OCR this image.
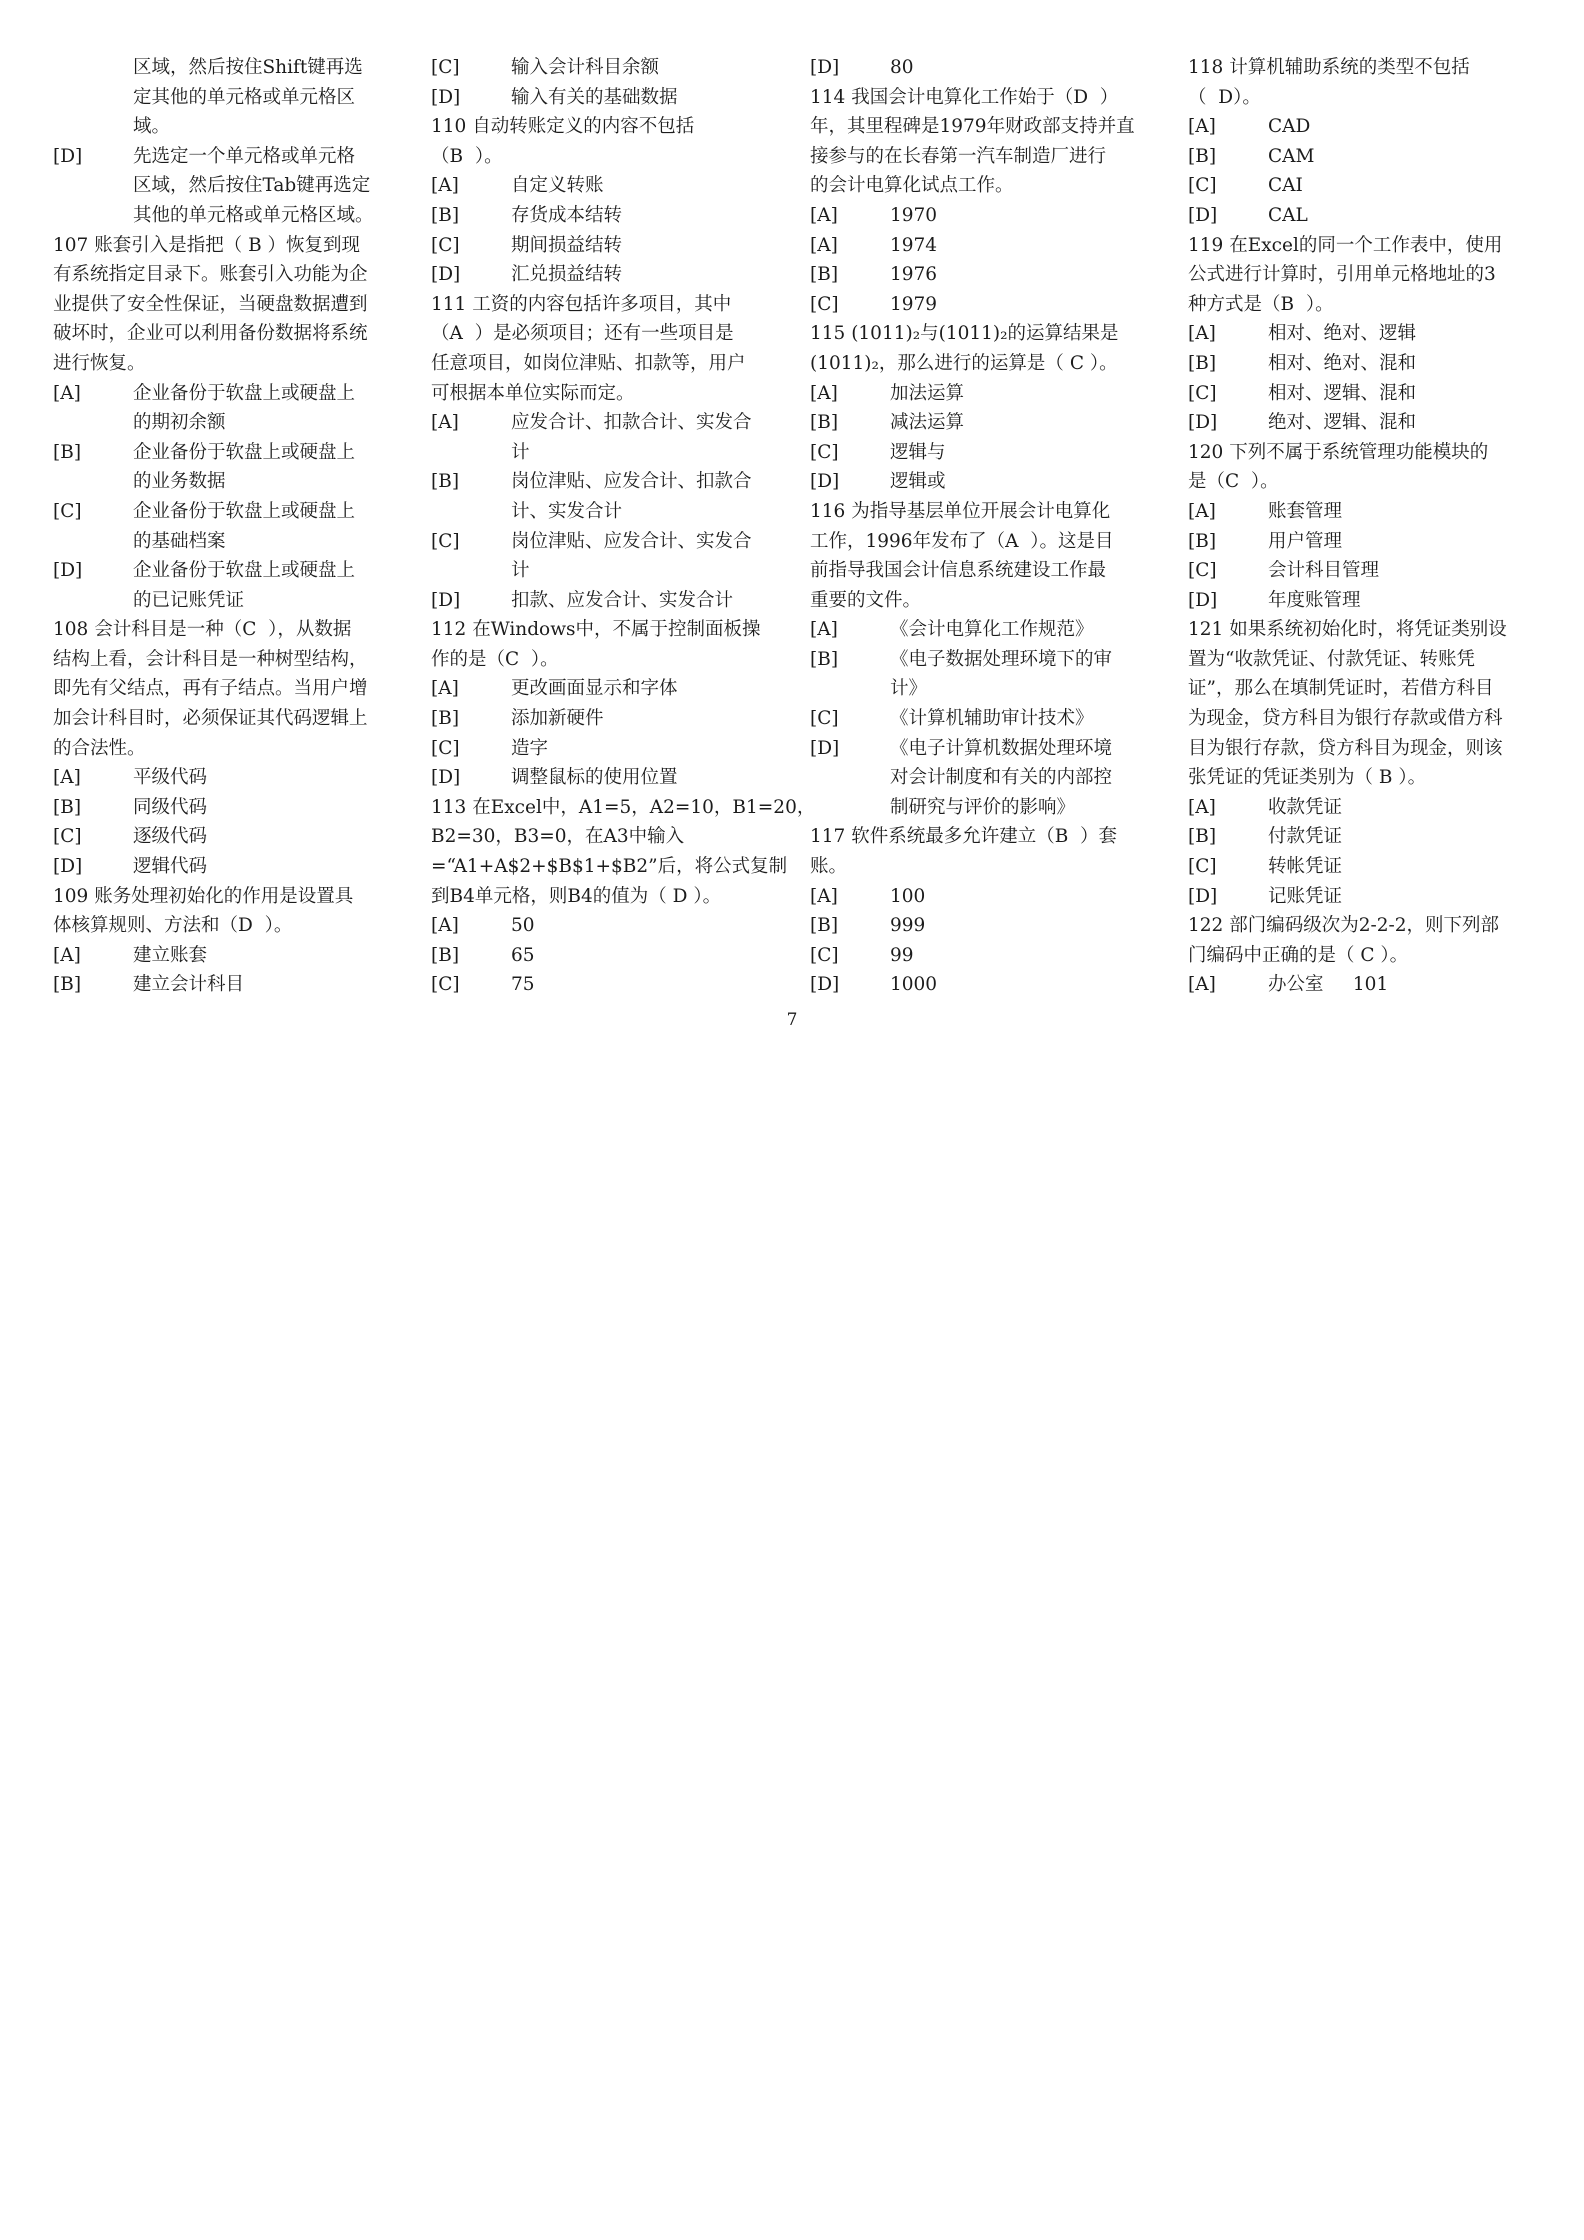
区域，然后按住Shift键再选
定其他的单元格或单元格区
域。
[D]	先选定一个单元格或单元格
区域，然后按住Tab键再选定
其他的单元格或单元格区域。
107 账套引入是指把（ B ）恢复到现
有系统指定目录下。账套引入功能为企
业提供了安全性保证，当硬盘数据遭到
破坏时，企业可以利用备份数据将系统
进行恢复。
[A]	企业备份于软盘上或硬盘上
的期初余额
[B]	企业备份于软盘上或硬盘上
的业务数据
[C]	企业备份于软盘上或硬盘上
的基础档案
[D]	企业备份于软盘上或硬盘上
的已记账凭证
108 会计科目是一种（C  ），从数据
结构上看，会计科目是一种树型结构，
即先有父结点，再有子结点。当用户增
加会计科目时，必须保证其代码逻辑上
的合法性。
[A]	平级代码
[B]	同级代码
[C]	逐级代码
[D]	逻辑代码
109 账务处理初始化的作用是设置具
体核算规则、方法和（D  ）。
[A]	建立账套
[B]	建立会计科目
[C]	输入会计科目余额
[D]	输入有关的基础数据
110 自动转账定义的内容不包括
（B  ）。
[A]	自定义转账
[B]	存货成本结转
[C]	期间损益结转
[D]	汇兑损益结转
111 工资的内容包括许多项目，其中
（A  ）是必须项目；还有一些项目是
任意项目，如岗位津贴、扣款等，用户
可根据本单位实际而定。
[A]	应发合计、扣款合计、实发合
计
[B]	岗位津贴、应发合计、扣款合
计、实发合计
[C]	岗位津贴、应发合计、实发合
计
[D]	扣款、应发合计、实发合计
112 在Windows中，不属于控制面板操
作的是（C  ）。
[A]	更改画面显示和字体
[B]	添加新硬件
[C]	造字
[D]	调整鼠标的使用位置
113 在Excel中，A1=5，A2=10，B1=20，
B2=30，B3=0，在A3中输入
=“A1+A$2+$B$1+$B2”后，将公式复制
到B4单元格，则B4的值为（ D ）。
[A]	50
[B]	65
[C]	75
[D]	80
114 我国会计电算化工作始于（D  ）
年，其里程碑是1979年财政部支持并直
接参与的在长春第一汽车制造厂进行
的会计电算化试点工作。
[A]	1970
[A]	1974
[B]	1976
[C]	1979
115 (1011)₂与(1011)₂的运算结果是
(1011)₂，那么进行的运算是（ C ）。
[A]	加法运算
[B]	减法运算
[C]	逻辑与
[D]	逻辑或
116 为指导基层单位开展会计电算化
工作，1996年发布了（A  ）。这是目
前指导我国会计信息系统建设工作最
重要的文件。
[A]	《会计电算化工作规范》
[B]	《电子数据处理环境下的审
计》
[C]	《计算机辅助审计技术》
[D]	《电子计算机数据处理环境
对会计制度和有关的内部控
制研究与评价的影响》
117 软件系统最多允许建立（B  ）套
账。
[A]	100
[B]	999
[C]	99
[D]	1000
118 计算机辅助系统的类型不包括
（  D）。
[A]	CAD
[B]	CAM
[C]	CAI
[D]	CAL
119 在Excel的同一个工作表中，使用
公式进行计算时，引用单元格地址的3
种方式是（B  ）。
[A]	相对、绝对、逻辑
[B]	相对、绝对、混和
[C]	相对、逻辑、混和
[D]	绝对、逻辑、混和
120 下列不属于系统管理功能模块的
是（C  ）。
[A]	账套管理
[B]	用户管理
[C]	会计科目管理
[D]	年度账管理
121 如果系统初始化时，将凭证类别设
置为“收款凭证、付款凭证、转账凭
证”，那么在填制凭证时，若借方科目
为现金，贷方科目为银行存款或借方科
目为银行存款，贷方科目为现金，则该
张凭证的凭证类别为（ B ）。
[A]	收款凭证
[B]	付款凭证
[C]	转帐凭证
[D]	记账凭证
122 部门编码级次为2-2-2，则下列部
门编码中正确的是（ C ）。
[A]	办公室     101
7
